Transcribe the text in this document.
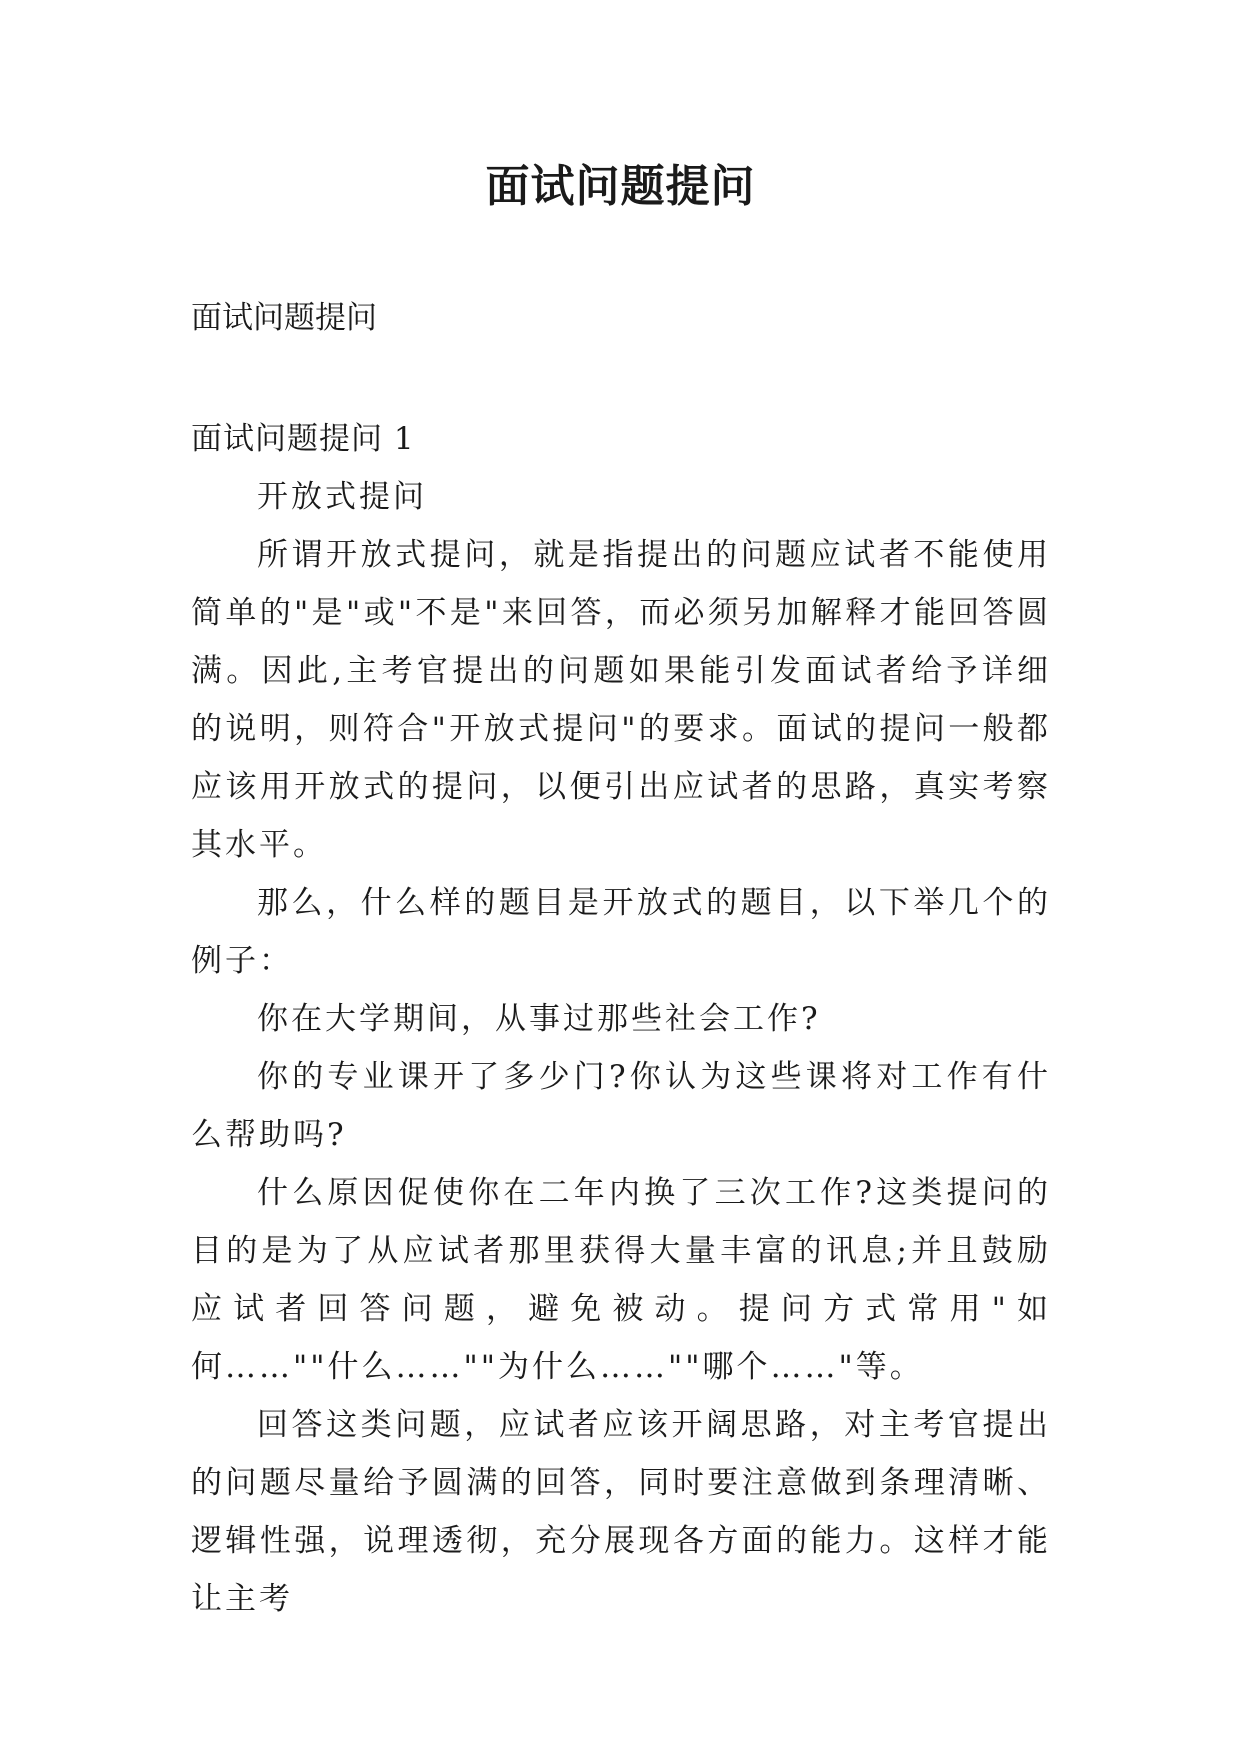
面试问题提问

面试问题提问

面试问题提问 1

开放式提问

所谓开放式提问，就是指提出的问题应试者不能使用简单的"是"或"不是"来回答，而必须另加解释才能回答圆满。因此,主考官提出的问题如果能引发面试者给予详细的说明，则符合"开放式提问"的要求。面试的提问一般都应该用开放式的提问，以便引出应试者的思路，真实考察其水平。

那么，什么样的题目是开放式的题目，以下举几个的例子：

你在大学期间，从事过那些社会工作?

你的专业课开了多少门?你认为这些课将对工作有什么帮助吗?

什么原因促使你在二年内换了三次工作?这类提问的目的是为了从应试者那里获得大量丰富的讯息;并且鼓励应试者回答问题，避免被动。提问方式常用"如何……""什么……""为什么……""哪个……"等。

回答这类问题，应试者应该开阔思路，对主考官提出的问题尽量给予圆满的回答，同时要注意做到条理清晰、逻辑性强，说理透彻，充分展现各方面的能力。这样才能让主考
